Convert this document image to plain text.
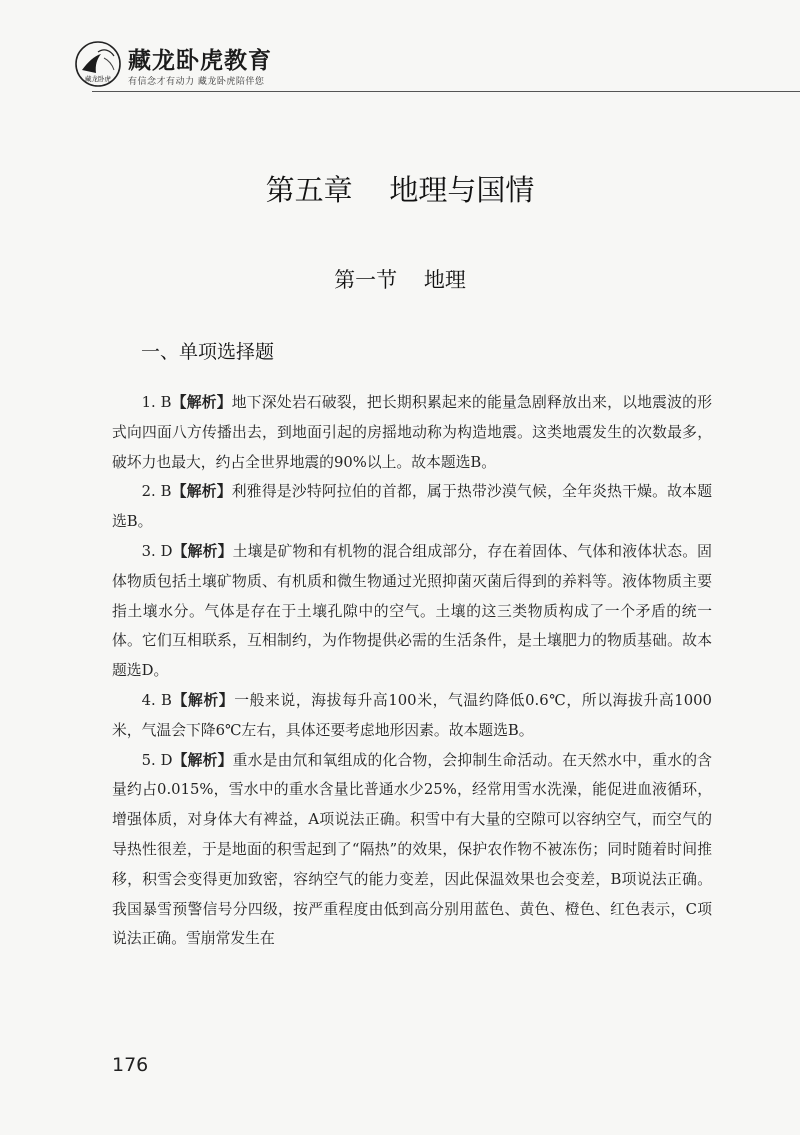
藏龙卧虎
藏龙卧虎教育
有信念才有动力 藏龙卧虎陪伴您
第五章    地理与国情
第一节    地理
一、单项选择题

1. B【解析】地下深处岩石破裂，把长期积累起来的能量急剧释放出来，以地震波的形式向四面八方传播出去，到地面引起的房摇地动称为构造地震。这类地震发生的次数最多，破坏力也最大，约占全世界地震的90%以上。故本题选B。

2. B【解析】利雅得是沙特阿拉伯的首都，属于热带沙漠气候，全年炎热干燥。故本题选B。

3. D【解析】土壤是矿物和有机物的混合组成部分，存在着固体、气体和液体状态。固体物质包括土壤矿物质、有机质和微生物通过光照抑菌灭菌后得到的养料等。液体物质主要指土壤水分。气体是存在于土壤孔隙中的空气。土壤的这三类物质构成了一个矛盾的统一体。它们互相联系，互相制约，为作物提供必需的生活条件，是土壤肥力的物质基础。故本题选D。

4. B【解析】一般来说，海拔每升高100米，气温约降低0.6℃，所以海拔升高1000米，气温会下降6℃左右，具体还要考虑地形因素。故本题选B。

5. D【解析】重水是由氘和氧组成的化合物，会抑制生命活动。在天然水中，重水的含量约占0.015%，雪水中的重水含量比普通水少25%，经常用雪水洗澡，能促进血液循环，增强体质，对身体大有裨益，A项说法正确。积雪中有大量的空隙可以容纳空气，而空气的导热性很差，于是地面的积雪起到了“隔热”的效果，保护农作物不被冻伤；同时随着时间推移，积雪会变得更加致密，容纳空气的能力变差，因此保温效果也会变差，B项说法正确。我国暴雪预警信号分四级，按严重程度由低到高分别用蓝色、黄色、橙色、红色表示，C项说法正确。雪崩常发生在

176
